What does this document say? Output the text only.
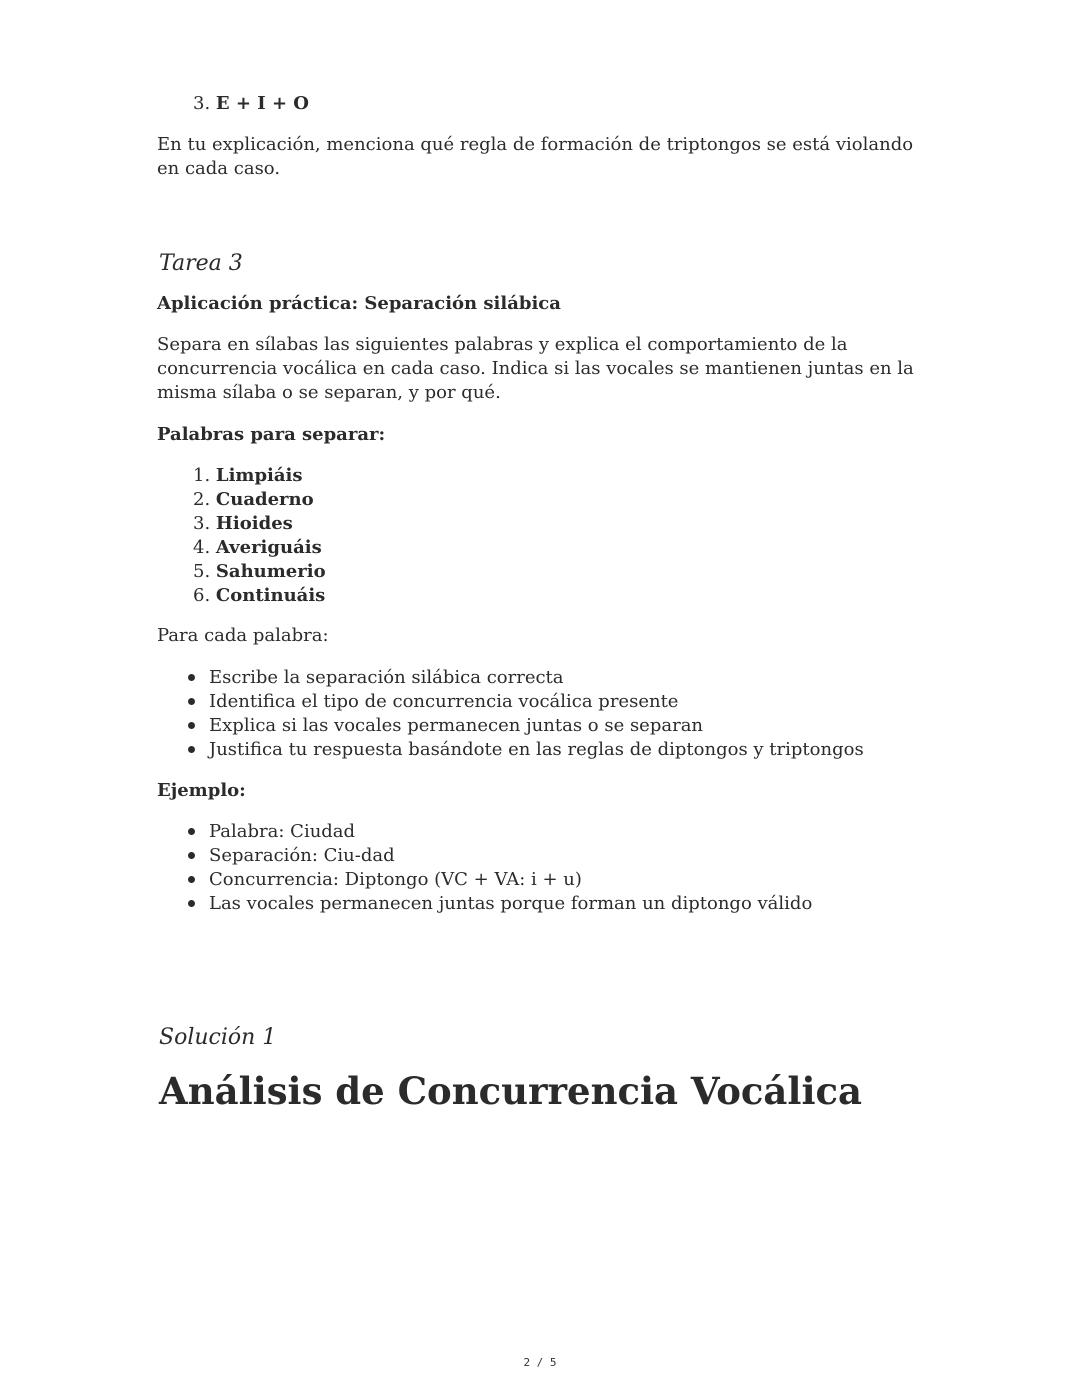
3. E + I + O
En tu explicación, menciona qué regla de formación de triptongos se está violando en cada caso.
Tarea 3
Aplicación práctica: Separación silábica
Separa en sílabas las siguientes palabras y explica el comportamiento de la concurrencia vocálica en cada caso. Indica si las vocales se mantienen juntas en la misma sílaba o se separan, y por qué.
Palabras para separar:
1. Limpiáis
2. Cuaderno
3. Hioides
4. Averiguáis
5. Sahumerio
6. Continuáis
Para cada palabra:
Escribe la separación silábica correcta
Identifica el tipo de concurrencia vocálica presente
Explica si las vocales permanecen juntas o se separan
Justifica tu respuesta basándote en las reglas de diptongos y triptongos
Ejemplo:
Palabra: Ciudad
Separación: Ciu-dad
Concurrencia: Diptongo (VC + VA: i + u)
Las vocales permanecen juntas porque forman un diptongo válido
Solución 1
Análisis de Concurrencia Vocálica
2 / 5
